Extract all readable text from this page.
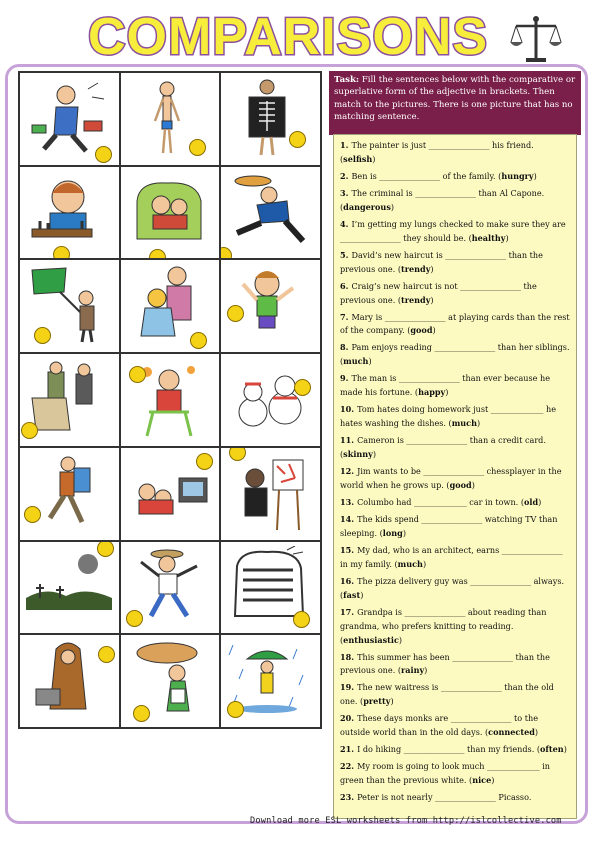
COMPARISONS
Task: Fill the sentences below with the comparative or superlative form of the adjective in brackets. Then match to the pictures. There is one picture that has no matching sentence.
1. The painter is just _______________ his friend. (selfish)
2. Ben is _______________ of the family. (hungry)
3. The criminal is _______________ than Al Capone. (dangerous)
4. I’m getting my lungs checked to make sure they are _______________ they should be. (healthy)
5. David’s new haircut is _______________ than the previous one. (trendy)
6. Craig’s new haircut is not _______________ the previous one. (trendy)
7. Mary is _______________ at playing cards than the rest of the company. (good)
8. Pam enjoys reading _______________ than her siblings. (much)
9. The man is _______________ than ever because he made his fortune. (happy)
10. Tom hates doing homework just _____________ he hates washing the dishes. (much)
11. Cameron is _______________ than a credit card. (skinny)
12. Jim wants to be _______________ chessplayer in the world when he grows up. (good)
13. Columbo had _____________ car in town. (old)
14. The kids spend _______________ watching TV than sleeping. (long)
15. My dad, who is an architect, earns _______________ in my family. (much)
16. The pizza delivery guy was _______________ always. (fast)
17. Grandpa is _______________ about reading than grandma, who prefers knitting to reading. (enthusiastic)
18. This summer has been _______________ than the previous one. (rainy)
19. The new waitress is _______________ than the old one. (pretty)
20. These days monks are _______________ to the outside world than in the old days. (connected)
21. I do hiking _______________ than my friends. (often)
22. My room is going to look much _____________ in green than the previous white. (nice)
23. Peter is not nearly _______________ Picasso.
Download more ESL worksheets from http://islcollective.com
